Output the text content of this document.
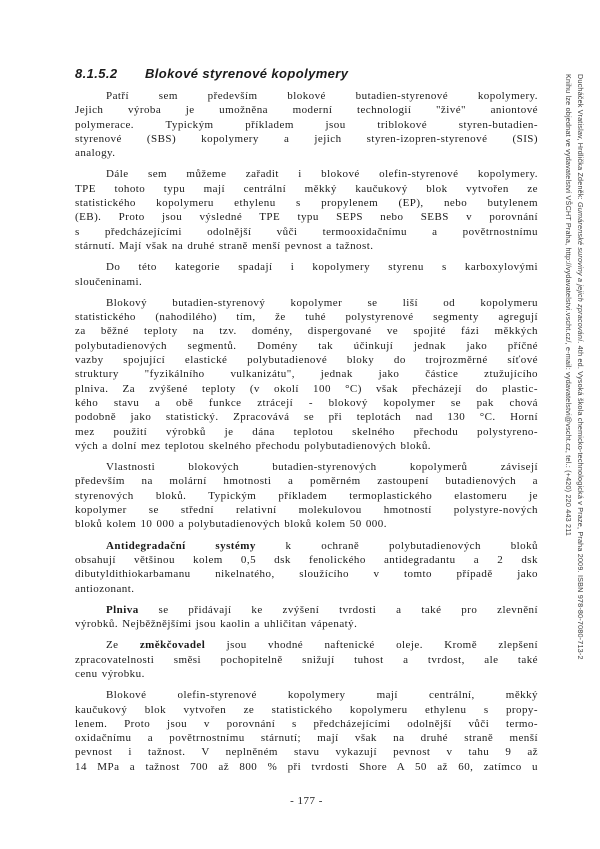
8.1.5.2	Blokové styrenové kopolymery
Patří sem především blokové butadien-styrenové kopolymery.
Jejich výroba je umožněna moderní technologií "živé" aniontové
polymerace. Typickým příkladem jsou triblokové styren-butadien-
styrenové (SBS) kopolymery a jejich styren-izopren-styrenové (SIS)
analogy.
Dále sem můžeme zařadit i blokové olefin-styrenové kopolymery.
TPE tohoto typu mají centrální měkký kaučukový blok vytvořen ze
statistického kopolymeru ethylenu s propylenem (EP), nebo butylenem
(EB). Proto jsou výsledné TPE typu SEPS nebo SEBS v porovnání
s předcházejícími odolnější vůči termooxidačnímu a povětrnostnímu
stárnutí. Mají však na druhé straně menší pevnost a tažnost.
Do této kategorie spadají i kopolymery styrenu s karboxylovými
sloučeninami.
Blokový butadien-styrenový kopolymer se liší od kopolymeru
statistického (nahodilého) tím, že tuhé polystyrenové segmenty agregují
za běžné teploty na tzv. domény, dispergované ve spojité fázi měkkých
polybutadienových segmentů. Domény tak účinkují jednak jako příčné
vazby spojující elastické polybutadienové bloky do trojrozměrné síťové
struktury "fyzikálního vulkanizátu", jednak jako částice ztužujícího
plniva. Za zvýšené teploty (v okolí 100 °C) však přecházejí do plastic-
kého stavu a obě funkce ztrácejí - blokový kopolymer se pak chová
podobně jako statistický. Zpracovává se při teplotách nad 130 °C. Horní
mez použití výrobků je dána teplotou skelného přechodu polystyreno-
vých a dolní mez teplotou skelného přechodu polybutadienových bloků.
Vlastnosti blokových butadien-styrenových kopolymerů závisejí
především na molární hmotnosti a poměrném zastoupení butadienových a
styrenových bloků. Typickým příkladem termoplastického elastomeru je
kopolymer se střední relativní molekulovou hmotností polystyre-nových
bloků kolem 10 000 a polybutadienových bloků kolem 50 000.
Antidegradační systémy k ochraně polybutadienových bloků
obsahují většinou kolem 0,5 dsk fenolického antidegradantu a 2 dsk
dibutyldithiokarbamanu nikelnatého, sloužícího v tomto případě jako
antiozonant.
Plniva se přidávají ke zvýšení tvrdosti a také pro zlevnění
výrobků. Nejběžnějšími jsou kaolin a uhličitan vápenatý.
Ze změkčovadel jsou vhodné naftenické oleje. Kromě zlepšení
zpracovatelnosti směsi pochopitelně snižují tuhost a tvrdost, ale také
cenu výrobku.
Blokové olefin-styrenové kopolymery mají centrální, měkký
kaučukový blok vytvořen ze statistického kopolymeru ethylenu s propy-
lenem. Proto jsou v porovnání s předcházejícími odolnější vůči termo-
oxidačnímu a povětrnostnímu stárnutí; mají však na druhé straně menší
pevnost i tažnost. V neplněném stavu vykazují pevnost v tahu 9 až
14 MPa a tažnost 700 až 800 % při tvrdosti Shore A 50 až 60, zatímco u
- 177 -
Ducháček Vratislav, Hrdlička Zdeněk: Gumárenské suroviny a jejich zpracování. 4th ed. Vysoká škola chemicko-technologická v Praze, Praha 2009. ISBN 978-80-7080-713-2
Knihu lze objednat ve vydavatelství VŠCHT Praha, http://vydavatelstvi.vscht.cz/, e-mail: vydavatelstvi@vscht.cz, tel.: (+420) 220 443 211
